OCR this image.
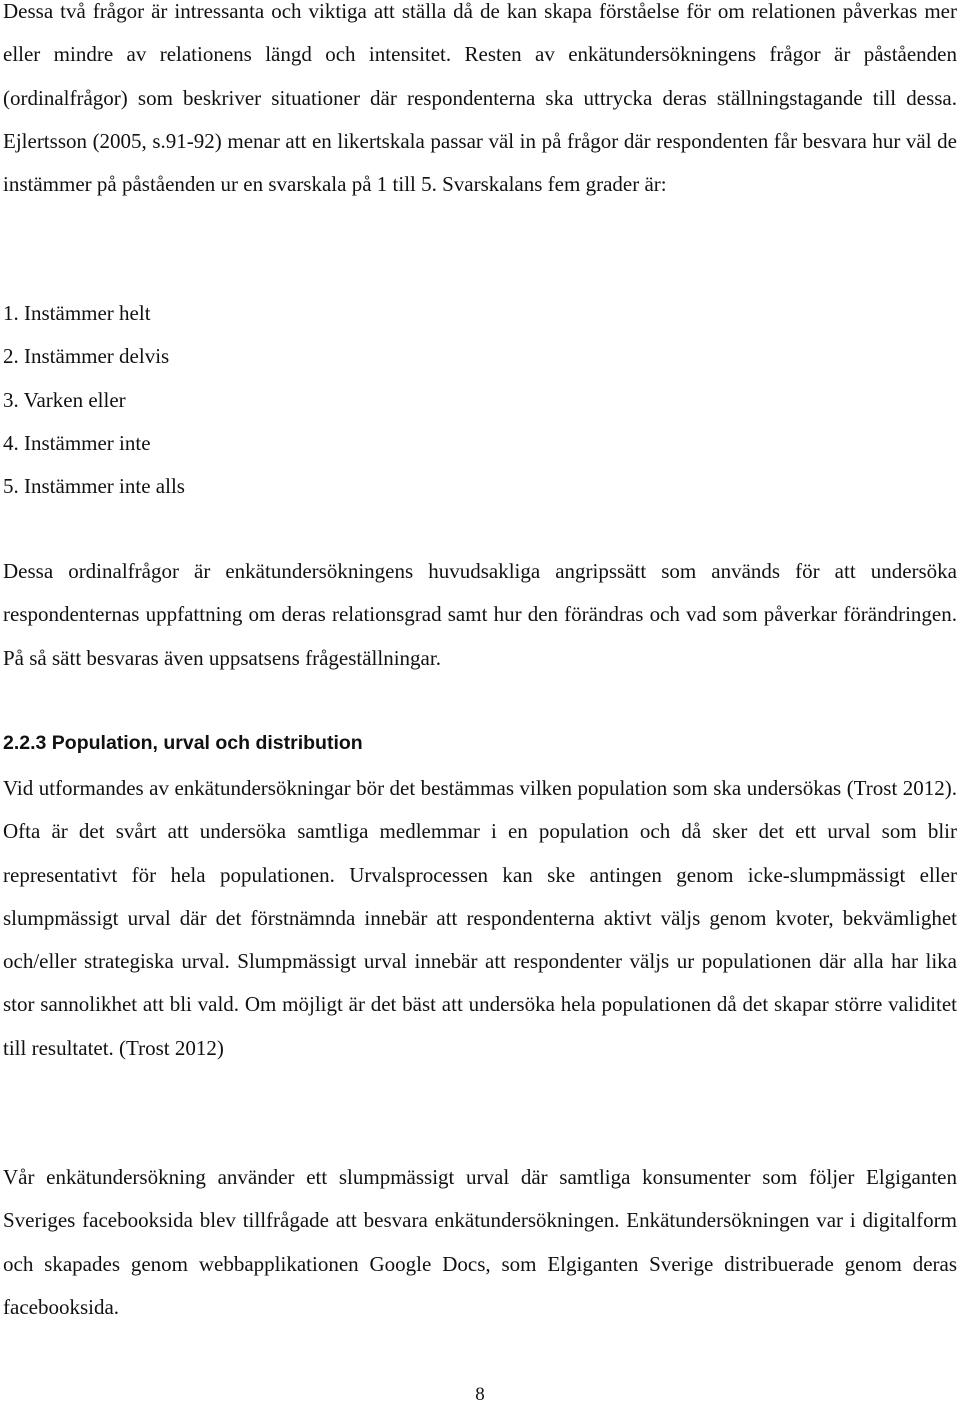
Dessa två frågor är intressanta och viktiga att ställa då de kan skapa förståelse för om relationen påverkas mer eller mindre av relationens längd och intensitet. Resten av enkätundersökningens frågor är påståenden (ordinalfrågor) som beskriver situationer där respondenterna ska uttrycka deras ställningstagande till dessa. Ejlertsson (2005, s.91-92) menar att en likertskala passar väl in på frågor där respondenten får besvara hur väl de instämmer på påståenden ur en svarskala på 1 till 5. Svarskalans fem grader är:

1. Instämmer helt
2. Instämmer delvis
3. Varken eller
4. Instämmer inte
5. Instämmer inte alls

Dessa ordinalfrågor är enkätundersökningens huvudsakliga angripssätt som används för att undersöka respondenternas uppfattning om deras relationsgrad samt hur den förändras och vad som påverkar förändringen. På så sätt besvaras även uppsatsens frågeställningar.

2.2.3 Population, urval och distribution

Vid utformandes av enkätundersökningar bör det bestämmas vilken population som ska undersökas (Trost 2012). Ofta är det svårt att undersöka samtliga medlemmar i en population och då sker det ett urval som blir representativt för hela populationen. Urvalsprocessen kan ske antingen genom icke-slumpmässigt eller slumpmässigt urval där det förstnämnda innebär att respondenterna aktivt väljs genom kvoter, bekvämlighet och/eller strategiska urval. Slumpmässigt urval innebär att respondenter väljs ur populationen där alla har lika stor sannolikhet att bli vald. Om möjligt är det bäst att undersöka hela populationen då det skapar större validitet till resultatet. (Trost 2012)

Vår enkätundersökning använder ett slumpmässigt urval där samtliga konsumenter som följer Elgiganten Sveriges facebooksida blev tillfrågade att besvara enkätundersökningen. Enkätundersökningen var i digitalform och skapades genom webbapplikationen Google Docs, som Elgiganten Sverige distribuerade genom deras facebooksida.

8
